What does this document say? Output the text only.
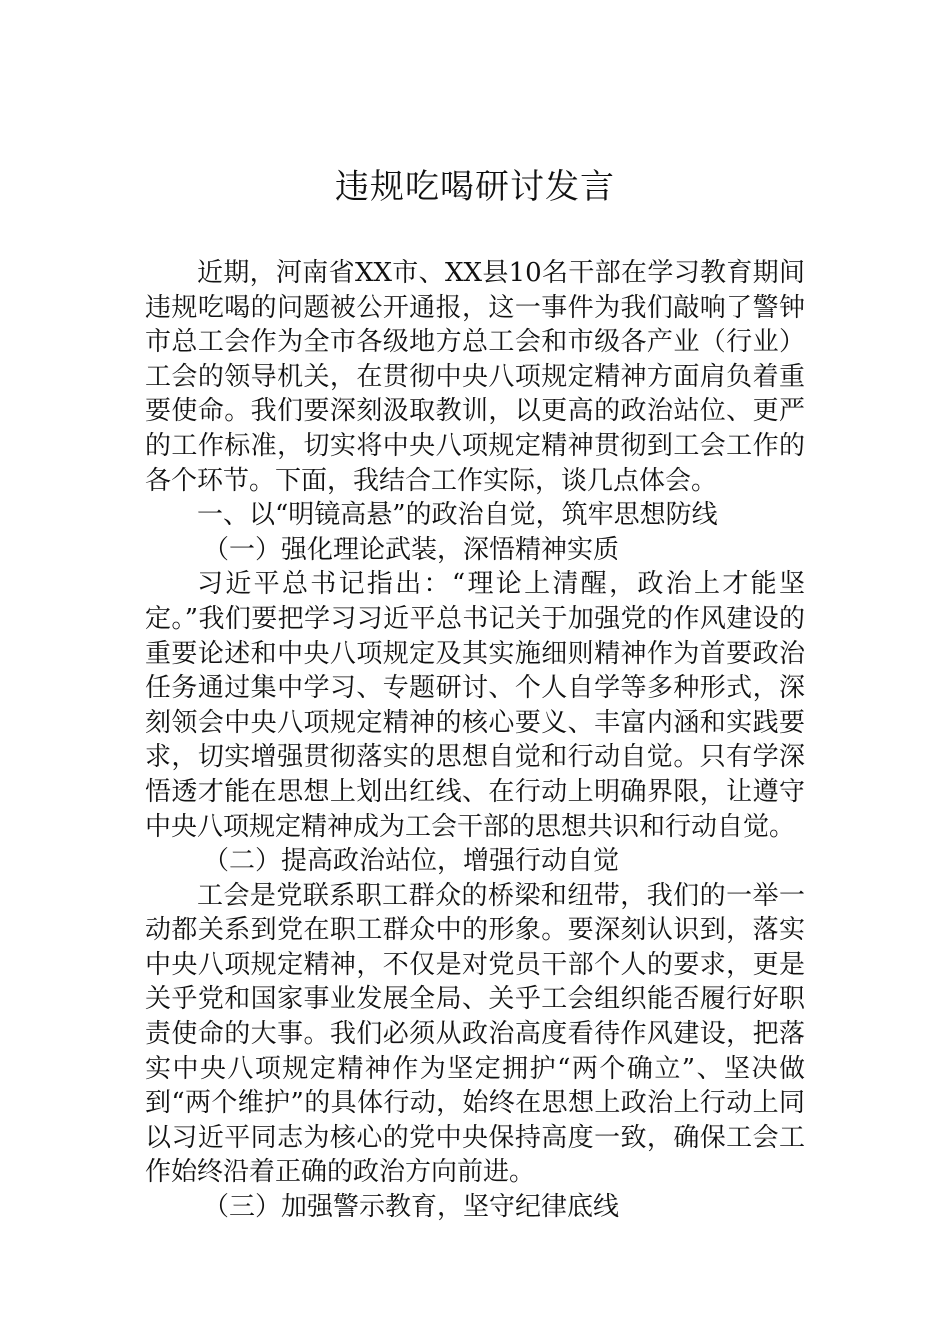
违规吃喝研讨发言

近期，河南省XX市、XX县10名干部在学习教育期间违规吃喝的问题被公开通报，这一事件为我们敲响了警钟市总工会作为全市各级地方总工会和市级各产业（行业）工会的领导机关，在贯彻中央八项规定精神方面肩负着重要使命。我们要深刻汲取教训，以更高的政治站位、更严的工作标准，切实将中央八项规定精神贯彻到工会工作的各个环节。下面，我结合工作实际，谈几点体会。

一、以“明镜高悬”的政治自觉，筑牢思想防线

（一）强化理论武装，深悟精神实质

习近平总书记指出：“理论上清醒，政治上才能坚定。”我们要把学习习近平总书记关于加强党的作风建设的重要论述和中央八项规定及其实施细则精神作为首要政治任务通过集中学习、专题研讨、个人自学等多种形式，深刻领会中央八项规定精神的核心要义、丰富内涵和实践要求，切实增强贯彻落实的思想自觉和行动自觉。只有学深悟透才能在思想上划出红线、在行动上明确界限，让遵守中央八项规定精神成为工会干部的思想共识和行动自觉。

（二）提高政治站位，增强行动自觉

工会是党联系职工群众的桥梁和纽带，我们的一举一动都关系到党在职工群众中的形象。要深刻认识到，落实中央八项规定精神，不仅是对党员干部个人的要求，更是关乎党和国家事业发展全局、关乎工会组织能否履行好职责使命的大事。我们必须从政治高度看待作风建设，把落实中央八项规定精神作为坚定拥护“两个确立”、坚决做到“两个维护”的具体行动，始终在思想上政治上行动上同以习近平同志为核心的党中央保持高度一致，确保工会工作始终沿着正确的政治方向前进。

（三）加强警示教育，坚守纪律底线
